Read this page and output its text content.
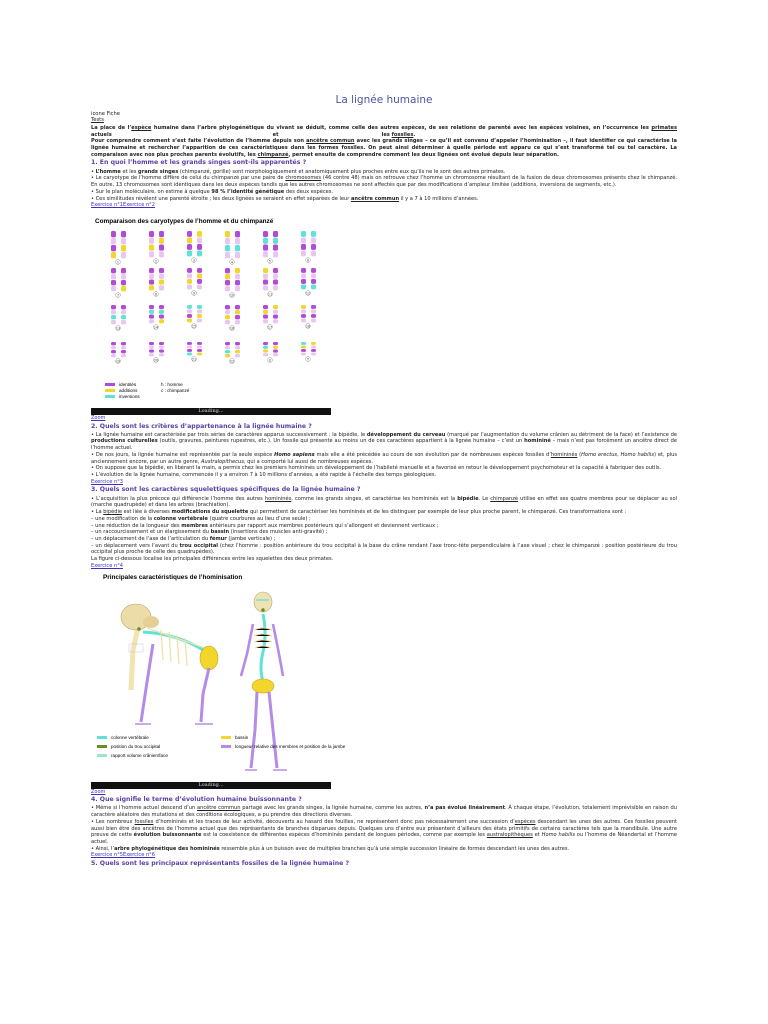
La lignée humaine
icone Fiche
Tests
La place de l’espèce humaine dans l’arbre phylogénétique du vivant se déduit, comme celle des autres espèces, de ses relations de parenté avec les espèces voisines, en l’occurrence les primates actuels	et	les fossiles.
Pour comprendre comment s’est faite l’évolution de l’homme depuis son ancêtre commun avec les grands singes – ce qu’il est convenu d’appeler l’hominisation –, il faut identifier ce qui caractérise la lignée humaine et rechercher l’apparition de ces caractéristiques dans les formes fossiles. On peut ainsi déterminer à quelle période est apparu ce qui s’est transformé tel ou tel caractère. La comparaison avec nos plus proches parents évolutifs, les chimpanzé, permet ensuite de comprendre comment les deux lignées ont évolué depuis leur séparation.
1. En quoi l’homme et les grands singes sont-ils apparentés ?

• L’homme et les grands singes (chimpanzé, gorille) sont morphologiquement et anatomiquement plus proches entre eux qu’ils ne le sont des autres primates.

• Le caryotype de l’homme diffère de celui du chimpanzé par une paire de chromosomes (46 contre 48) mais on retrouve chez l’homme un chromosome résultant de la fusion de deux chromosomes présents chez le chimpanzé. En outre, 13 chromosomes sont identiques dans les deux espèces tandis que les autres chromosomes ne sont affectés que par des modifications d’ampleur limitée (additions, inversions de segments, etc.).

• Sur le plan moléculaire, on estime à quelque 98 % l’identité génétique des deux espèces.

• Ces similitudes révèlent une parenté étroite ; les deux lignées se seraient en effet séparées de leur ancêtre commun il y a 7 à 10 millions d’années.

Exercice n°1Exercice n°2
Comparaison des caryotypes de l’homme et du chimpanzé
1	2	3	4	5	6
7	8	9	10	11	12
13	14	15	16	17	18
19	20	21	22	X	Y
identités
additions
inversions
h : homme
c : chimpanzé
Loading...
Zoom
2. Quels sont les critères d’appartenance à la lignée humaine ?

• La lignée humaine est caractérisée par trois séries de caractères apparus successivement : la bipédie, le développement du cerveau (marqué par l’augmentation du volume crânien au détriment de la face) et l’existence de productions culturelles (outils, gravures, peintures rupestres, etc.). Un fossile qui présente au moins un de ces caractères appartient à la lignée humaine – c’est un homininé – mais n’est pas forcément un ancêtre direct de l’homme actuel.

• De nos jours, la lignée humaine est représentée par la seule espèce Homo sapiens mais elle a été précédée au cours de son évolution par de nombreuses espèces fossiles d’homininés (Homo erectus, Homo habilis) et, plus anciennement encore, par un autre genre, Australopithecus, qui a comporté lui aussi de nombreuses espèces.

• On suppose que la bipédie, en libérant la main, a permis chez les premiers homininés un développement de l’habileté manuelle et a favorisé en retour le développement psychomoteur et la capacité à fabriquer des outils.

• L’évolution de la lignée humaine, commencée il y a environ 7 à 10 millions d’années, a été rapide à l’échelle des temps géologiques.

Exercice n°3
3. Quels sont les caractères squelettiques spécifiques de la lignée humaine ?

• L’acquisition la plus précoce qui différencie l’homme des autres homininés, comme les grands singes, et caractérise les homininés est la bipédie. Le chimpanzé utilise en effet ses quatre membres pour se déplacer au sol (marche quadrupède) et dans les arbres (brachiation).

• La bipédie est liée à diverses modifications du squelette qui permettent de caractériser les homininés et de les distinguer par exemple de leur plus proche parent, le chimpanzé. Ces transformations sont :

– une modification de la colonne vertébrale (quatre courbures au lieu d’une seule) ;

– une réduction de la longueur des membres antérieurs par rapport aux membres postérieurs qui s’allongent et deviennent verticaux ;

– un raccourcissement et un élargissement du bassin (insertions des muscles anti-gravité) ;

– un déplacement de l’axe de l’articulation du fémur (jambe verticale) ;

– un déplacement vers l’avant du trou occipital (chez l’homme : position antérieure du trou occipital à la base du crâne rendant l’axe tronc-tête perpendiculaire à l’axe visuel ; chez le chimpanzé : position postérieure du trou occipital plus proche de celle des quadrupèdes).

La figure ci-dessous localise les principales différences entre les squelettes des deux primates.

Exercice n°4
Principales caractéristiques de l’hominisation
colonne vertébrale
position du trou occipital
rapport volume crânien/face
bassin
longueur relative des membres et position de la jambe
Loading...
Zoom
4. Que signifie le terme d’évolution humaine buissonnante ?

• Même si l’homme actuel descend d’un ancêtre commun partagé avec les grands singes, la lignée humaine, comme les autres, n’a pas évolué linéairement. À chaque étape, l’évolution, totalement imprévisible en raison du caractère aléatoire des mutations et des conditions écologiques, a pu prendre des directions diverses.

• Les nombreux fossiles d’homininés et les traces de leur activité, découverts au hasard des fouilles, ne représentent donc pas nécessairement une succession d’espèces descendant les unes des autres. Ces fossiles peuvent aussi bien être des ancêtres de l’homme actuel que des représentants de branches disparues depuis. Quelques uns d’entre eux présentent d’ailleurs des états primitifs de certains caractères tels que la mandibule. Une autre preuve de cette évolution buissonnante est la coexistence de différentes espèces d’homininés pendant de longues périodes, comme par exemple les australopithèques et Homo habilis ou l’homme de Néandertal et l’homme actuel.

• Ainsi, l’arbre phylogénétique des homininés ressemble plus à un buisson avec de multiples branches qu’à une simple succession linéaire de formes descendant les unes des autres.

Exercice n°5Exercice n°6
5. Quels sont les principaux représentants fossiles de la lignée humaine ?
